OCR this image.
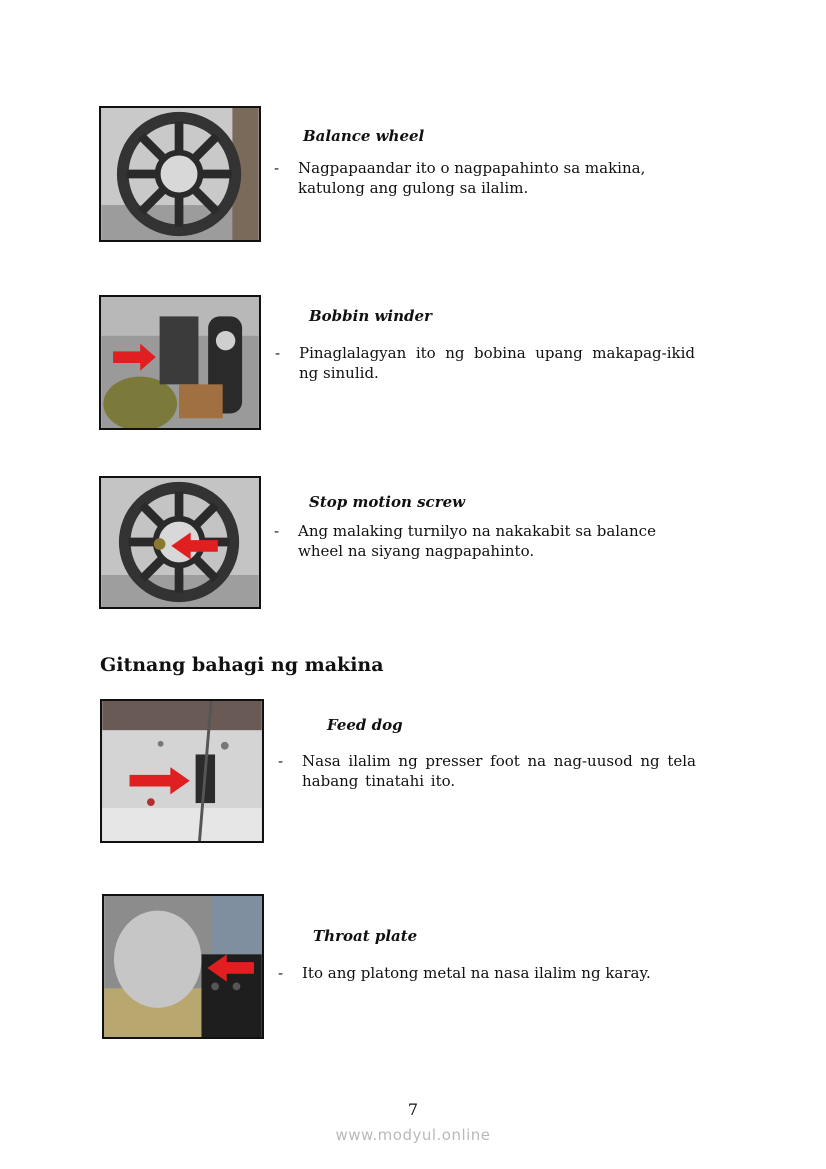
Balance wheel
- Nagpapaandar ito o nagpapahinto sa makina, katulong ang gulong sa ilalim.
Bobbin winder
- Pinaglalagyan ito ng bobina upang makapag-ikid ng sinulid.
Stop motion screw
- Ang malaking turnilyo na nakakabit sa balance wheel na siyang nagpapahinto.
Gitnang bahagi ng makina
Feed dog
- Nasa ilalim ng presser foot na nag-uusod ng tela habang tinatahi ito.
Throat plate
- Ito ang platong metal na nasa ilalim ng karay.
7
www.modyul.online
